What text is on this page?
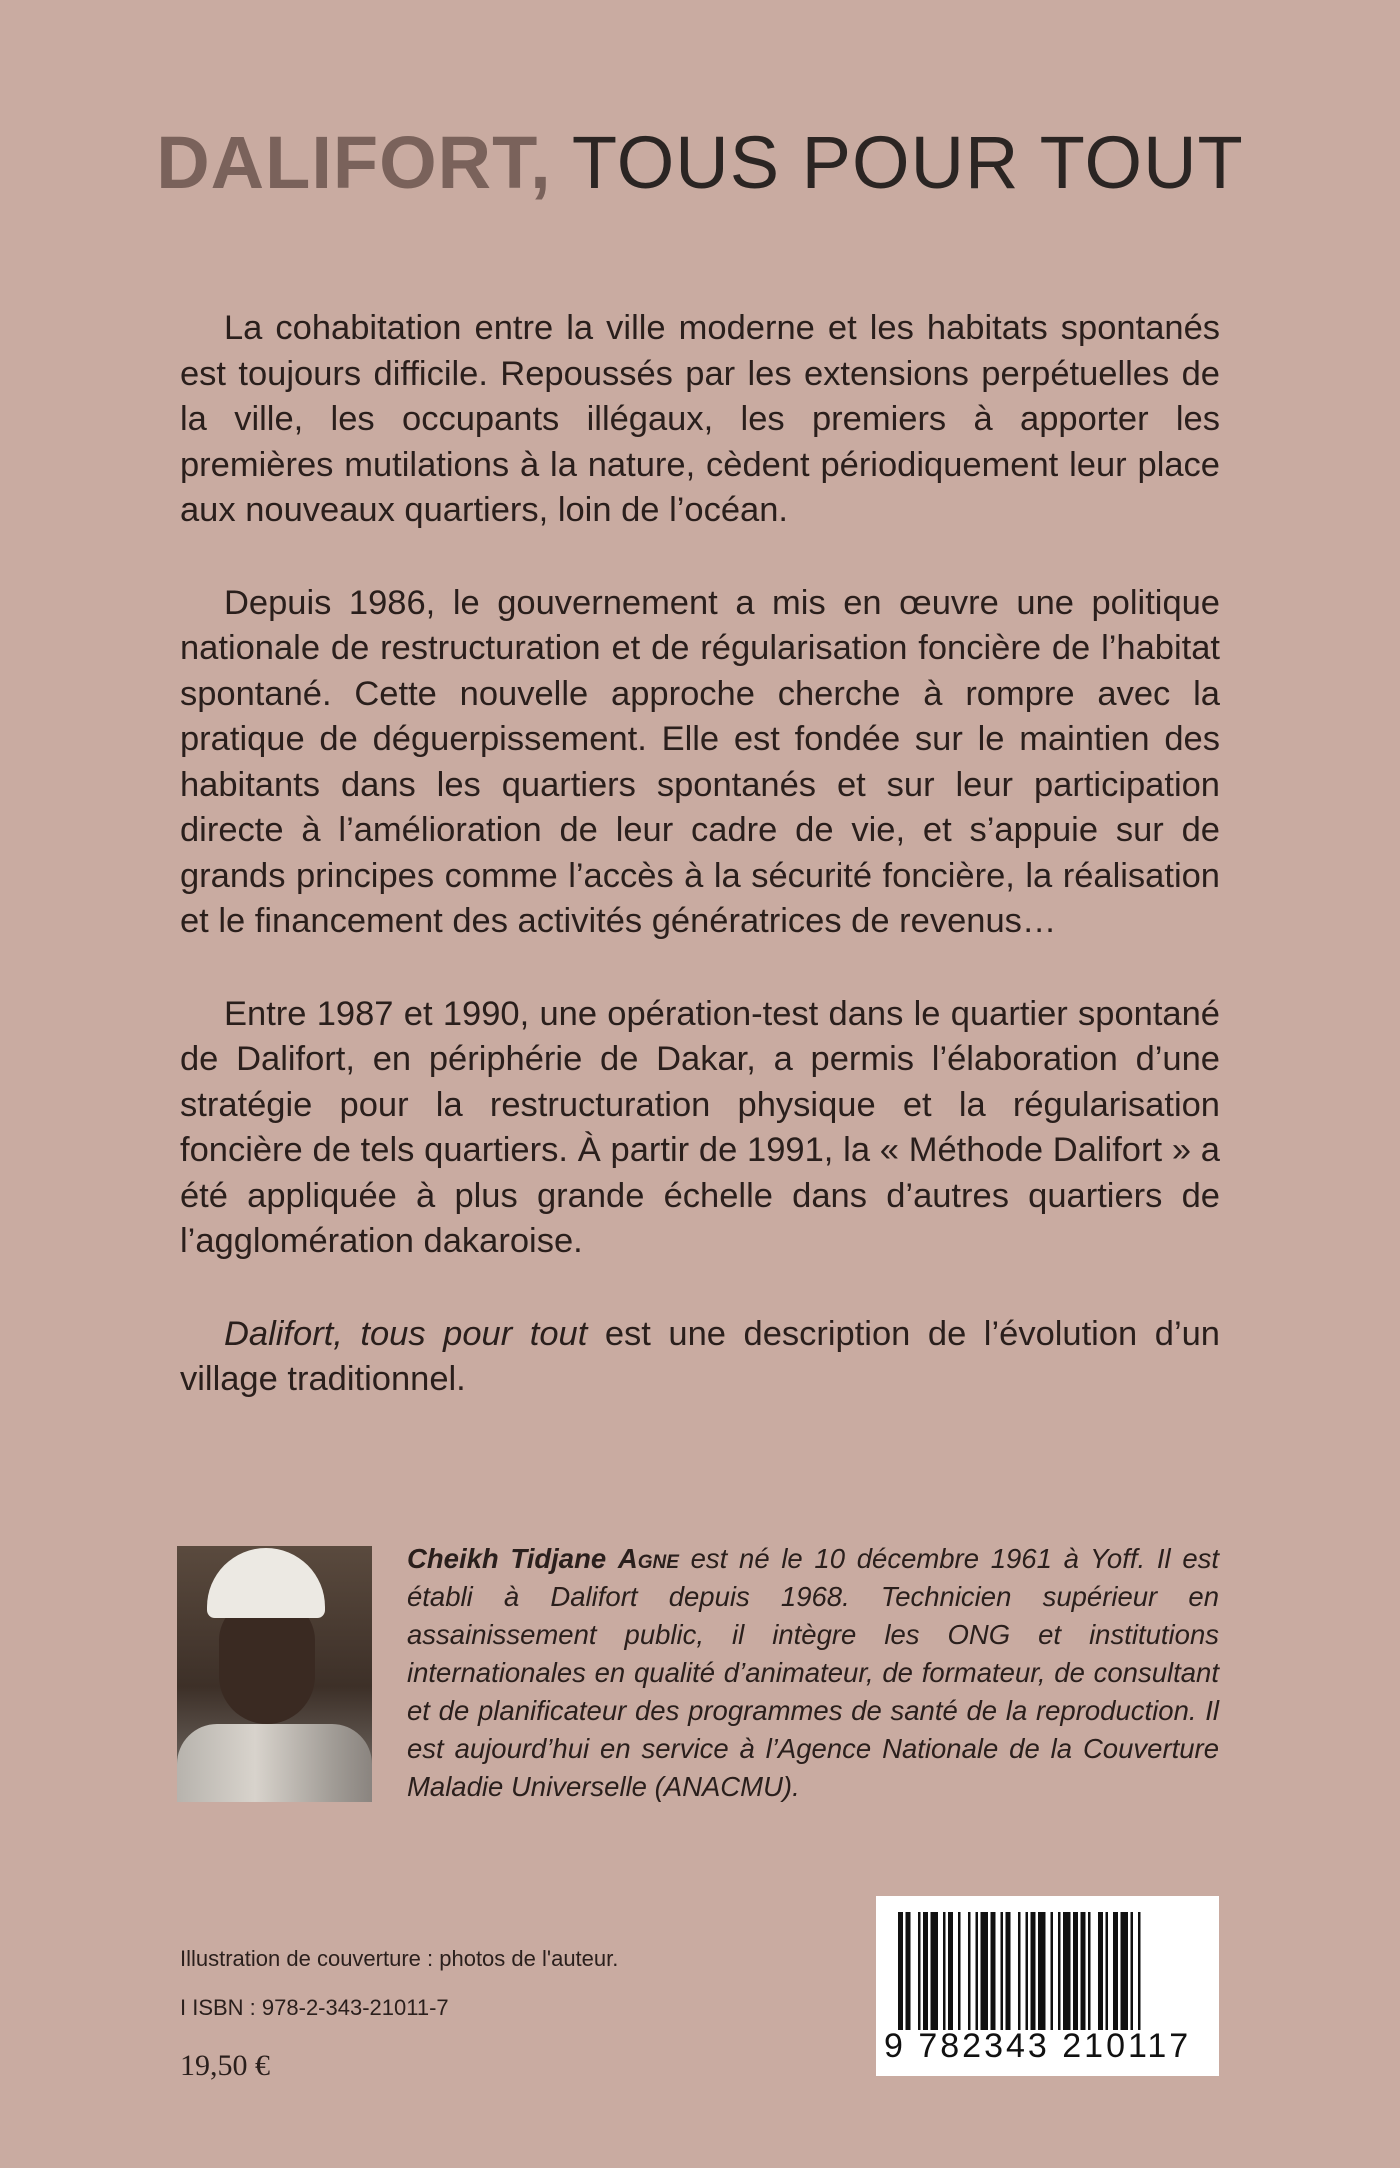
DALIFORT, TOUS POUR TOUT

La cohabitation entre la ville moderne et les habitats spontanés est toujours difficile. Repoussés par les extensions perpétuelles de la ville, les occupants illégaux, les premiers à apporter les premières mutilations à la nature, cèdent périodiquement leur place aux nouveaux quartiers, loin de l’océan.

Depuis 1986, le gouvernement a mis en œuvre une politique nationale de restructuration et de régularisation foncière de l’habitat spontané. Cette nouvelle approche cherche à rompre avec la pratique de déguerpissement. Elle est fondée sur le maintien des habitants dans les quartiers spontanés et sur leur participation directe à l’amélioration de leur cadre de vie, et s’appuie sur de grands principes comme l’accès à la sécurité foncière, la réalisation et le financement des activités génératrices de revenus…

Entre 1987 et 1990, une opération-test dans le quartier spontané de Dalifort, en périphérie de Dakar, a permis l’élaboration d’une stratégie pour la restructuration physique et la régularisation foncière de tels quartiers. À partir de 1991, la « Méthode Dalifort » a été appliquée à plus grande échelle dans d’autres quartiers de l’agglomération dakaroise.

Dalifort, tous pour tout est une description de l’évolution d’un village traditionnel.

Cheikh Tidjane Agne est né le 10 décembre 1961 à Yoff. Il est établi à Dalifort depuis 1968. Technicien supérieur en assainissement public, il intègre les ONG et institutions internationales en qualité d’animateur, de formateur, de consultant et de planificateur des programmes de santé de la reproduction. Il est aujourd’hui en service à l’Agence Nationale de la Couverture Maladie Universelle (ANACMU).
Illustration de couverture : photos de l'auteur.
I ISBN : 978-2-343-21011-7
19,50 €
9 782343 210117
